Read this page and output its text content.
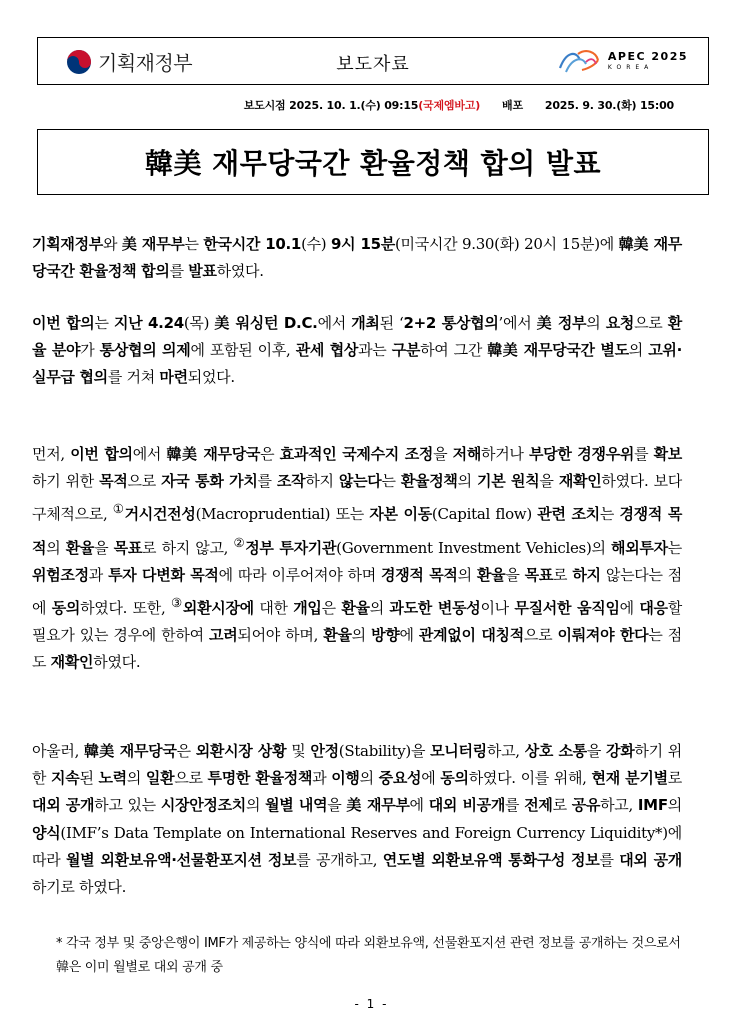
기획재정부	보도자료	APEC 2025
KOREA
보도시점 2025. 10. 1.(수) 09:15(국제엠바고) 배포 2025. 9. 30.(화) 15:00
韓美 재무당국간 환율정책 합의 발표
기획재정부와 美 재무부는 한국시간 10.1(수) 9시 15분(미국시간 9.30(화) 20시 15분)에 韓美 재무당국간 환율정책 합의를 발표하였다.
이번 합의는 지난 4.24(목) 美 워싱턴 D.C.에서 개최된 ‘2+2 통상협의’에서 美 정부의 요청으로 환율 분야가 통상협의 의제에 포함된 이후, 관세 협상과는 구분하여 그간 韓美 재무당국간 별도의 고위·실무급 협의를 거쳐 마련되었다.
먼저, 이번 합의에서 韓美 재무당국은 효과적인 국제수지 조정을 저해하거나 부당한 경쟁우위를 확보하기 위한 목적으로 자국 통화 가치를 조작하지 않는다는 환율정책의 기본 원칙을 재확인하였다. 보다 구체적으로, ①거시건전성(Macroprudential) 또는 자본 이동(Capital flow) 관련 조치는 경쟁적 목적의 환율을 목표로 하지 않고, ②정부 투자기관(Government Investment Vehicles)의 해외투자는 위험조정과 투자 다변화 목적에 따라 이루어져야 하며 경쟁적 목적의 환율을 목표로 하지 않는다는 점에 동의하였다. 또한, ③외환시장에 대한 개입은 환율의 과도한 변동성이나 무질서한 움직임에 대응할 필요가 있는 경우에 한하여 고려되어야 하며, 환율의 방향에 관계없이 대칭적으로 이뤄져야 한다는 점도 재확인하였다.
아울러, 韓美 재무당국은 외환시장 상황 및 안정(Stability)을 모니터링하고, 상호 소통을 강화하기 위한 지속된 노력의 일환으로 투명한 환율정책과 이행의 중요성에 동의하였다. 이를 위해, 현재 분기별로 대외 공개하고 있는 시장안정조치의 월별 내역을 美 재무부에 대외 비공개를 전제로 공유하고, IMF의 양식(IMF’s Data Template on International Reserves and Foreign Currency Liquidity*)에 따라 월별 외환보유액·선물환포지션 정보를 공개하고, 연도별 외환보유액 통화구성 정보를 대외 공개하기로 하였다.
* 각국 정부 및 중앙은행이 IMF가 제공하는 양식에 따라 외환보유액, 선물환포지션 관련 정보를 공개하는 것으로서 韓은 이미 월별로 대외 공개 중
- 1 -
